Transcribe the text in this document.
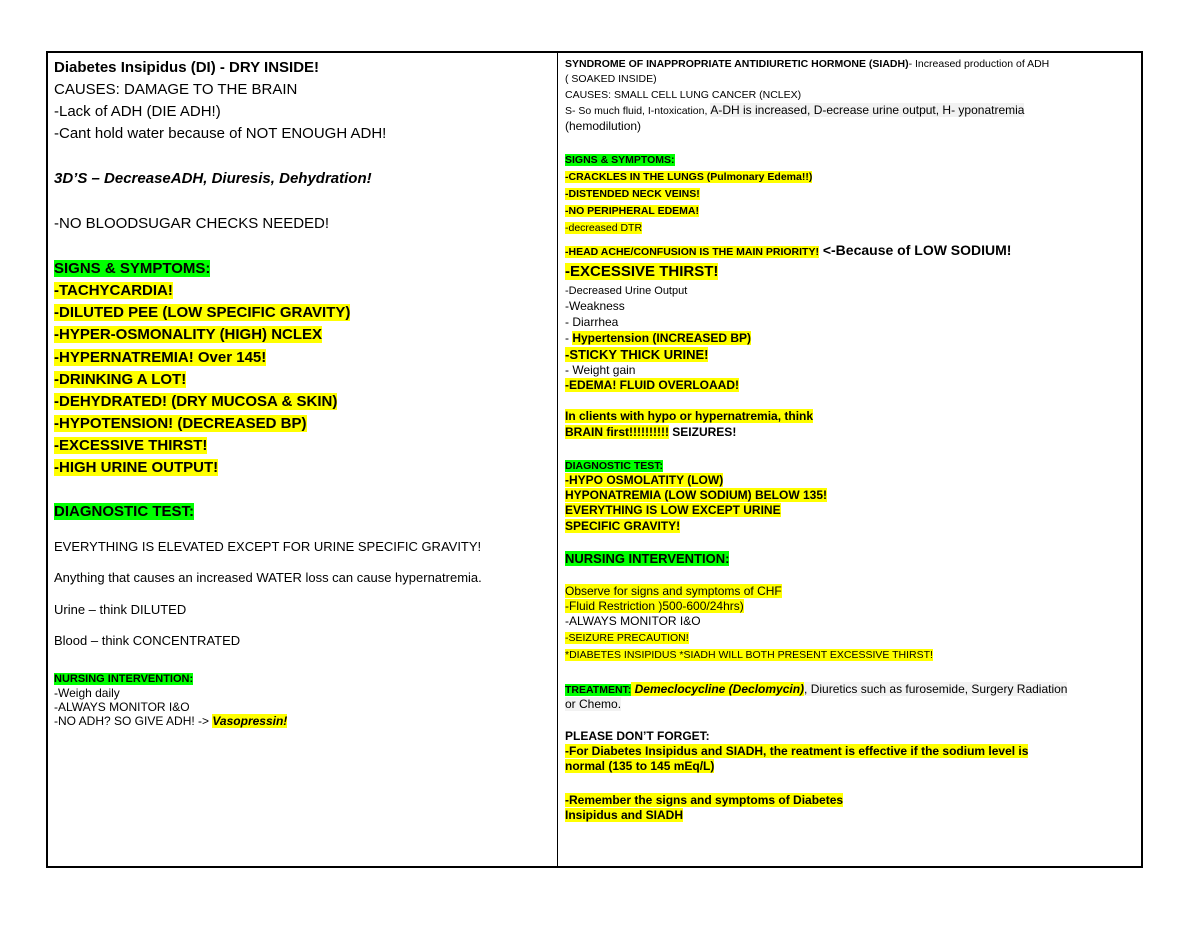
Diabetes Insipidus (DI) - DRY INSIDE!
CAUSES: DAMAGE TO THE BRAIN
-Lack of ADH (DIE ADH!)
-Cant hold water because of NOT ENOUGH ADH!
3D’S – DecreaseADH, Diuresis, Dehydration!
-NO BLOODSUGAR CHECKS NEEDED!
SIGNS & SYMPTOMS:
-TACHYCARDIA!
-DILUTED PEE (LOW SPECIFIC GRAVITY)
-HYPER-OSMONALITY (HIGH) NCLEX
-HYPERNATREMIA! Over 145!
-DRINKING A LOT!
-DEHYDRATED! (DRY MUCOSA & SKIN)
-HYPOTENSION! (DECREASED BP)
-EXCESSIVE THIRST!
-HIGH URINE OUTPUT!
DIAGNOSTIC TEST:
EVERYTHING IS ELEVATED EXCEPT FOR URINE SPECIFIC GRAVITY!
Anything that causes an increased WATER loss can cause hypernatremia.
Urine – think DILUTED
Blood – think CONCENTRATED
NURSING INTERVENTION:
-Weigh daily
-ALWAYS MONITOR I&O
-NO ADH? SO GIVE ADH! -> Vasopressin!
SYNDROME OF INAPPROPRIATE ANTIDIURETIC HORMONE (SIADH)- Increased production of ADH
( SOAKED INSIDE)
CAUSES: SMALL CELL LUNG CANCER (NCLEX)
S- So much fluid, I-ntoxication, A-DH is increased, D-ecrease urine output, H- yponatremia
(hemodilution)
SIGNS & SYMPTOMS:
-CRACKLES IN THE LUNGS (Pulmonary Edema!!)
-DISTENDED NECK VEINS!
-NO PERIPHERAL EDEMA!
-decreased DTR
-HEAD ACHE/CONFUSION IS THE MAIN PRIORITY! <-Because of LOW SODIUM!
-EXCESSIVE THIRST!
-Decreased Urine Output
-Weakness
- Diarrhea
- Hypertension (INCREASED BP)
-STICKY THICK URINE!
- Weight gain
-EDEMA! FLUID OVERLOAAD!
In clients with hypo or hypernatremia, think
BRAIN first!!!!!!!!!! SEIZURES!
DIAGNOSTIC TEST:
-HYPO OSMOLATITY (LOW)
HYPONATREMIA (LOW SODIUM) BELOW 135!
EVERYTHING IS LOW EXCEPT URINE
SPECIFIC GRAVITY!
NURSING INTERVENTION:
Observe for signs and symptoms of CHF
-Fluid Restriction )500-600/24hrs)
-ALWAYS MONITOR I&O
-SEIZURE PRECAUTION!
*DIABETES INSIPIDUS *SIADH WILL BOTH PRESENT EXCESSIVE THIRST!
TREATMENT: Demeclocycline (Declomycin), Diuretics such as furosemide, Surgery Radiation
or Chemo.
PLEASE DON’T FORGET:
-For Diabetes Insipidus and SIADH, the reatment is effective if the sodium level is
normal (135 to 145 mEq/L)
-Remember the signs and symptoms of Diabetes
Insipidus and SIADH
